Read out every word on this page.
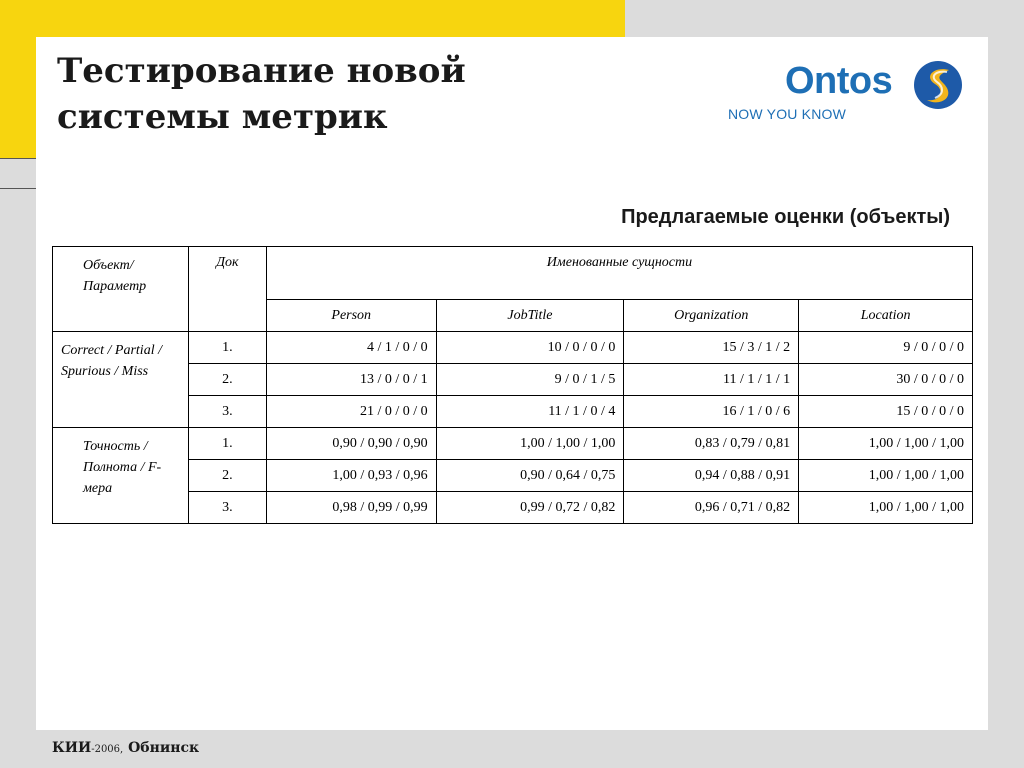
Тестирование новой
системы метрик
Ontos
NOW YOU KNOW
Предлагаемые оценки (объекты)
Объект/ Параметр	Док	Именованные сущности			
		Person	JobTitle	Organization	Location
Correct / Partial / Spurious / Miss	1.	4 / 1 / 0 / 0	10 / 0 / 0 / 0	15 / 3 / 1 / 2	9 / 0 / 0 / 0
	2.	13 / 0 / 0 / 1	9 / 0 / 1 / 5	11 / 1 / 1 / 1	30 / 0 / 0 / 0
	3.	21 / 0 / 0 / 0	11 / 1 / 0 / 4	16 / 1 / 0 / 6	15 / 0 / 0 / 0
Точность / Полнота / F-мера	1.	0,90 / 0,90 / 0,90	1,00 / 1,00 / 1,00	0,83 / 0,79 / 0,81	1,00 / 1,00 / 1,00
	2.	1,00 / 0,93 / 0,96	0,90 / 0,64 / 0,75	0,94 / 0,88 / 0,91	1,00 / 1,00 / 1,00
	3.	0,98 / 0,99 / 0,99	0,99 / 0,72 / 0,82	0,96 / 0,71 / 0,82	1,00 / 1,00 / 1,00
КИИ-2006, Обнинск
